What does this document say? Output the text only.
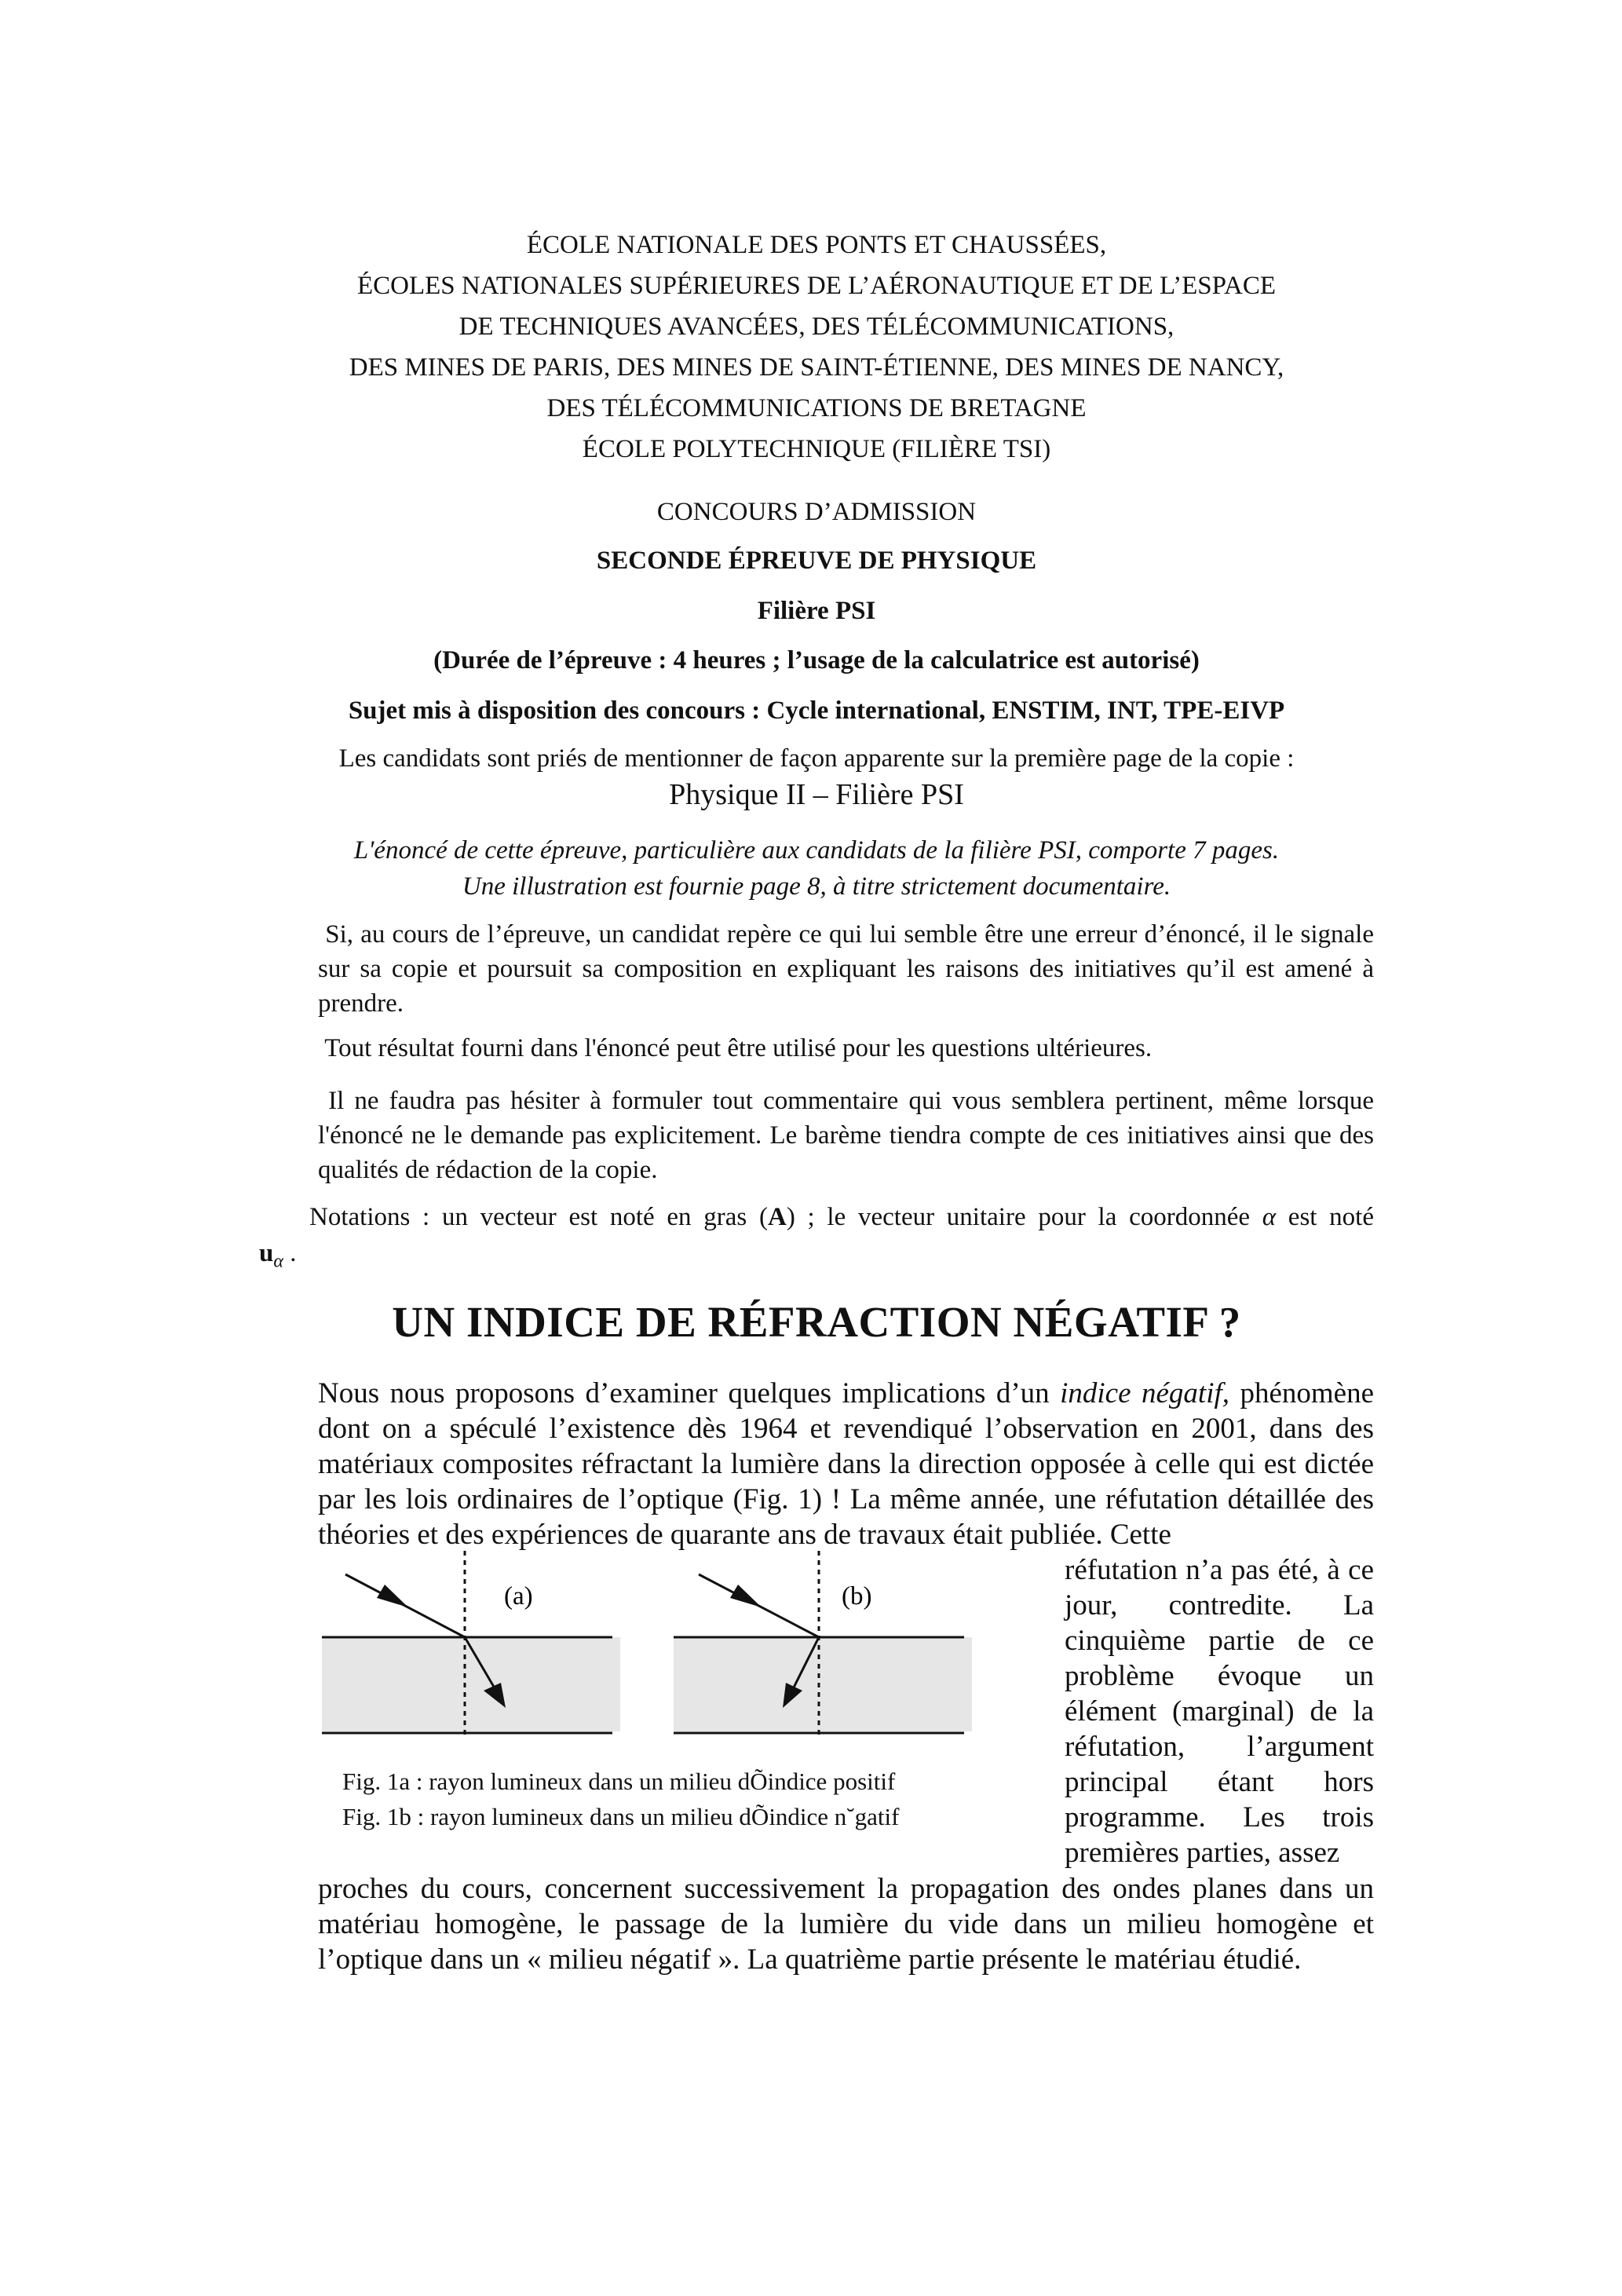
ÉCOLE NATIONALE DES PONTS ET CHAUSSÉES,
ÉCOLES NATIONALES SUPÉRIEURES DE L’AÉRONAUTIQUE ET DE L’ESPACE
DE TECHNIQUES AVANCÉES, DES TÉLÉCOMMUNICATIONS,
DES MINES DE PARIS, DES MINES DE SAINT-ÉTIENNE, DES MINES DE NANCY,
DES TÉLÉCOMMUNICATIONS DE BRETAGNE
ÉCOLE POLYTECHNIQUE (FILIÈRE TSI)
CONCOURS D’ADMISSION
SECONDE ÉPREUVE DE PHYSIQUE
Filière PSI
(Durée de l’épreuve : 4 heures ; l’usage de la calculatrice est autorisé)
Sujet mis à disposition des concours : Cycle international, ENSTIM, INT, TPE-EIVP
Les candidats sont priés de mentionner de façon apparente sur la première page de la copie :
Physique II – Filière PSI
L'énoncé de cette épreuve, particulière aux candidats de la filière PSI, comporte 7 pages.
Une illustration est fournie page 8, à titre strictement documentaire.
Si, au cours de l’épreuve, un candidat repère ce qui lui semble être une erreur d’énoncé, il le signale sur sa copie et poursuit sa composition en expliquant les raisons des initiatives qu’il est amené à prendre.
Tout résultat fourni dans l'énoncé peut être utilisé pour les questions ultérieures.
Il ne faudra pas hésiter à formuler tout commentaire qui vous semblera pertinent, même lorsque l'énoncé ne le demande pas explicitement. Le barème tiendra compte de ces initiatives ainsi que des qualités de rédaction de la copie.
Notations : un vecteur est noté en gras (A) ; le vecteur unitaire pour la coordonnée α est noté
$u_\alpha$ .
UN INDICE DE RÉFRACTION NÉGATIF ?
Nous nous proposons d’examiner quelques implications d’un indice négatif, phénomène dont on a spéculé l’existence dès 1964 et revendiqué l’observation en 2001, dans des matériaux composites réfractant la lumière dans la direction opposée à celle qui est dictée par les lois ordinaires de l’optique (Fig. 1) ! La même année, une réfutation détaillée des théories et des expériences de quarante ans de travaux était publiée. Cette
(a)	(b)
Fig. 1a : rayon lumineux dans un milieu dÕindice positif
Fig. 1b : rayon lumineux dans un milieu dÕindice n˘gatif
réfutation n’a pas été, à ce jour, contredite. La cinquième partie de ce problème évoque un élément (marginal) de la réfutation, l’argument principal étant hors programme. Les trois premières parties, assez
proches du cours, concernent successivement la propagation des ondes planes dans un matériau homogène, le passage de la lumière du vide dans un milieu homogène et l’optique dans un « milieu négatif ». La quatrième partie présente le matériau étudié.
